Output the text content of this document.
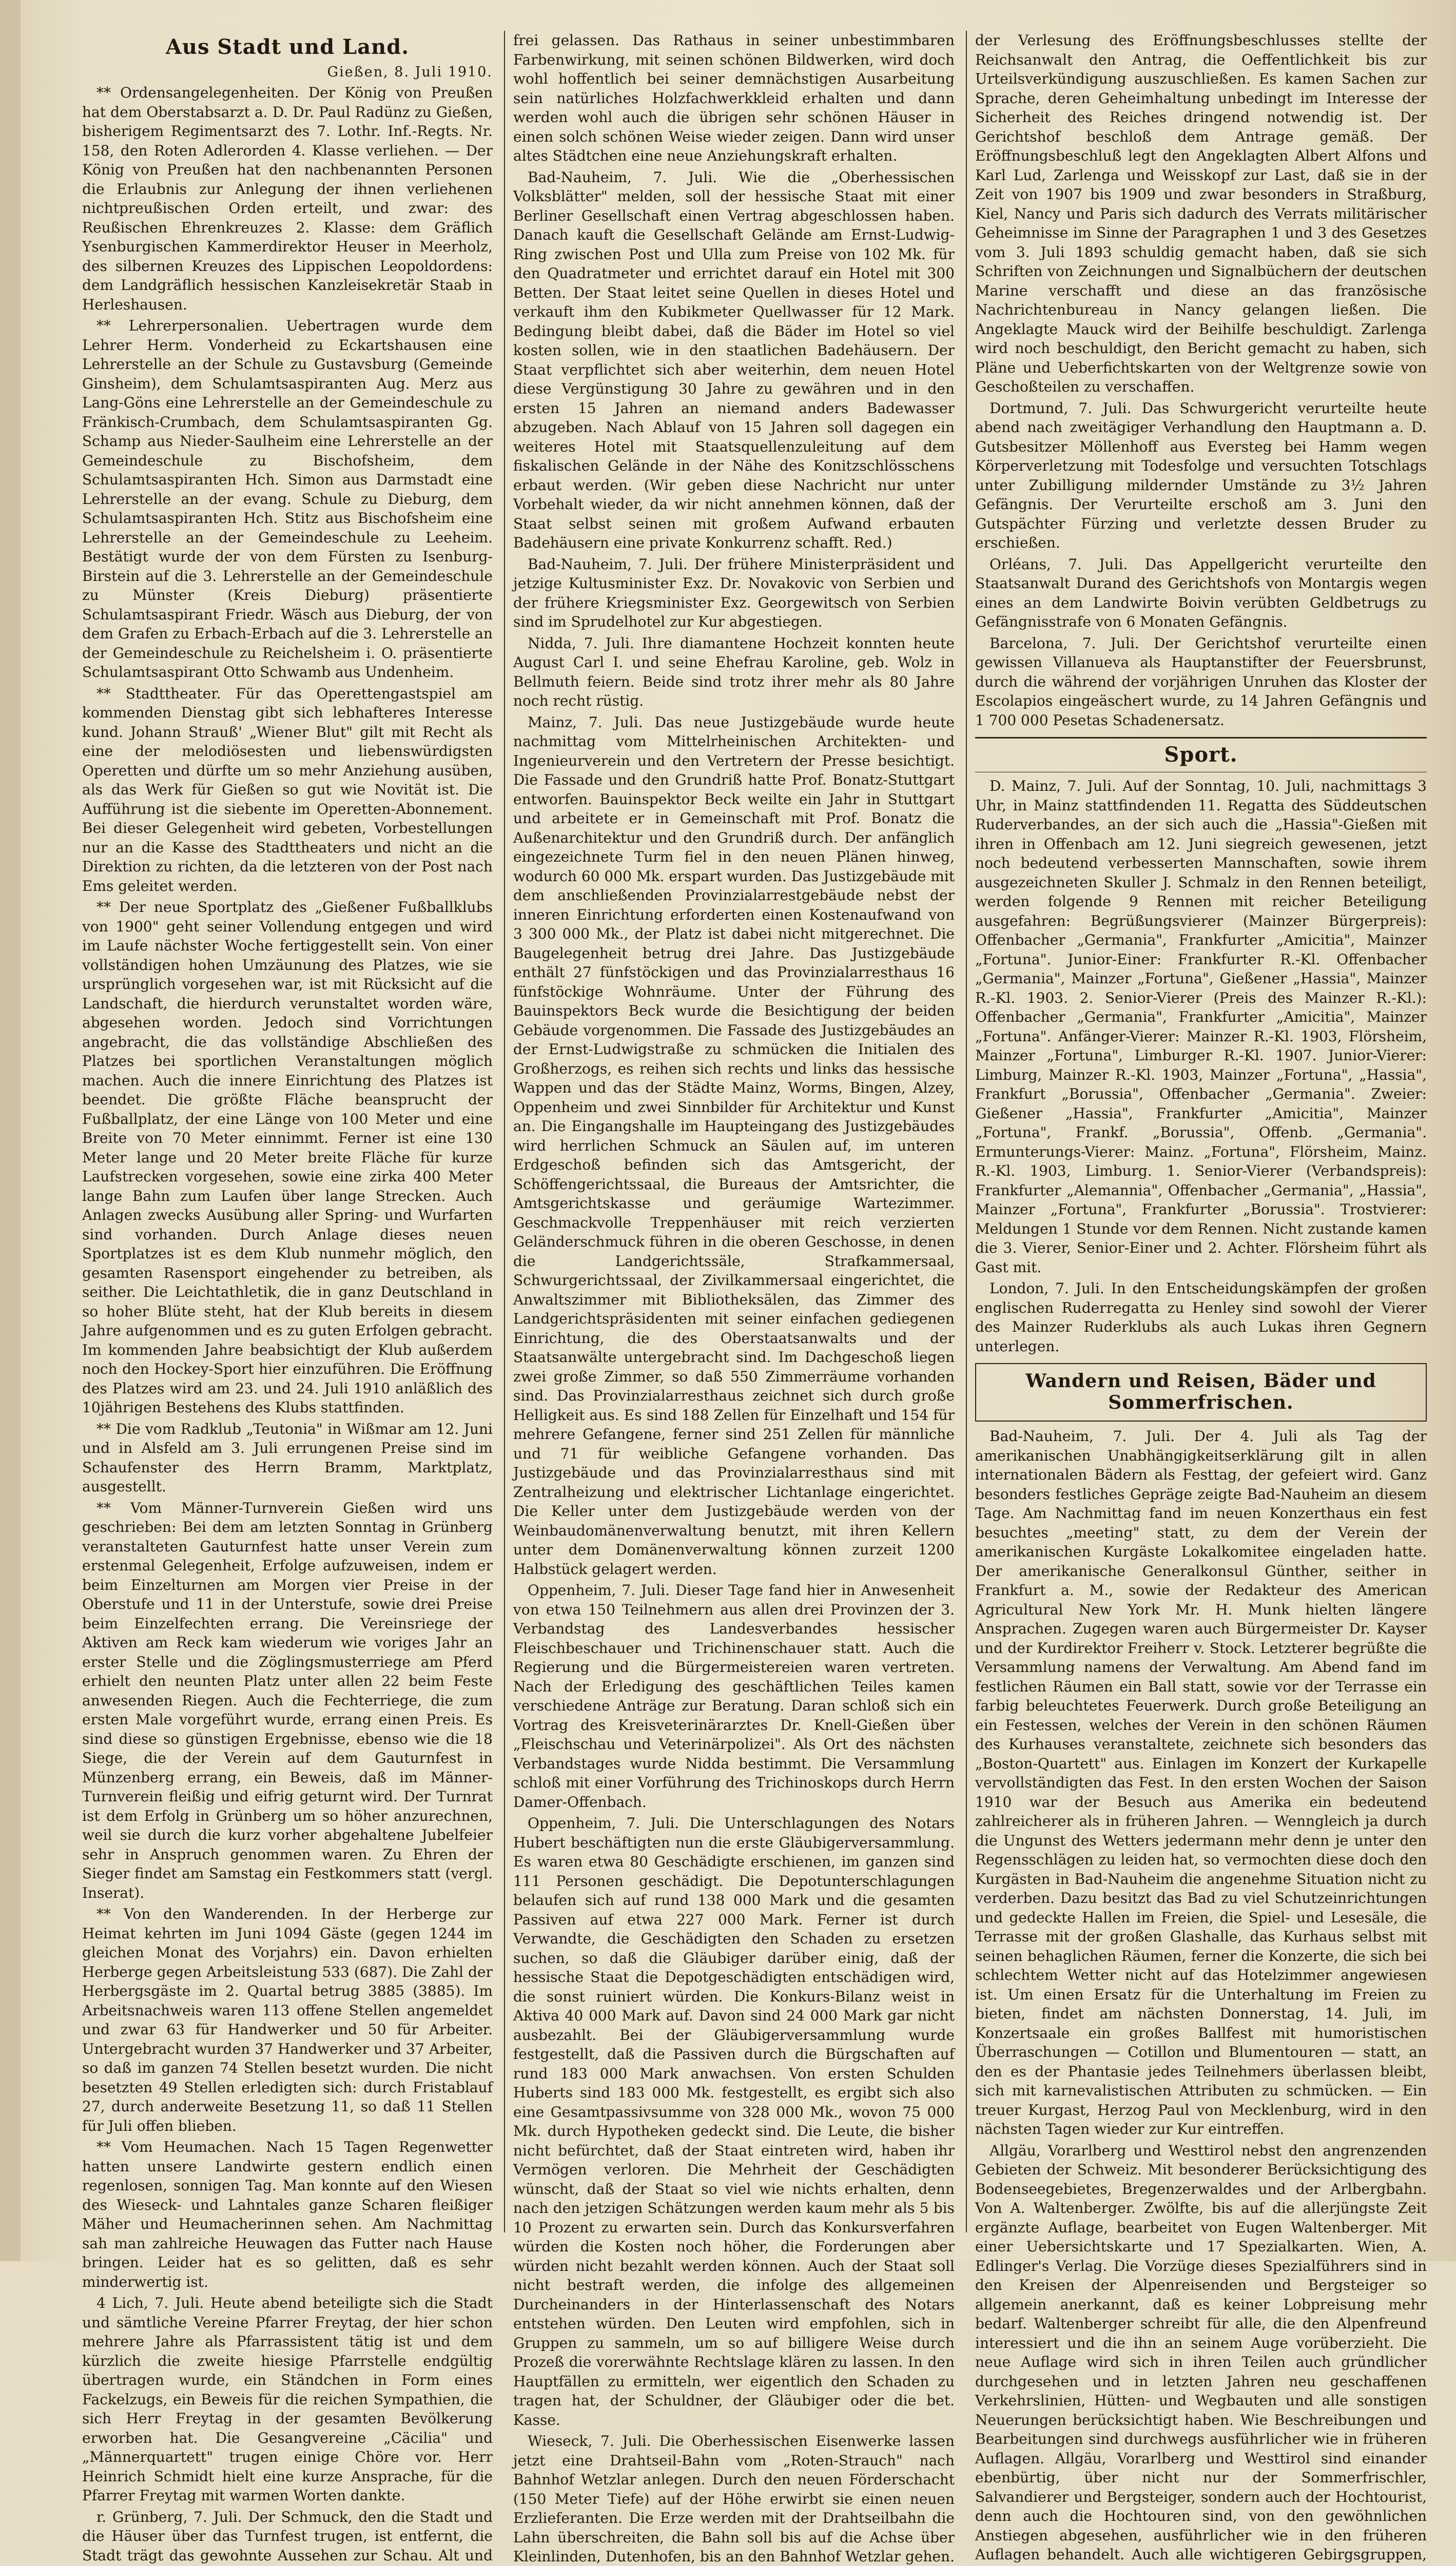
Aus Stadt und Land.
Gießen, 8. Juli 1910.

** Ordensangelegenheiten. Der König von Preußen hat dem Oberstabsarzt a. D. Dr. Paul Radünz zu Gießen, bisherigem Regimentsarzt des 7. Lothr. Inf.-Regts. Nr. 158, den Roten Adlerorden 4. Klasse verliehen. — Der König von Preußen hat den nachbenannten Personen die Erlaubnis zur Anlegung der ihnen verliehenen nichtpreußischen Orden erteilt, und zwar: des Reußischen Ehrenkreuzes 2. Klasse: dem Gräflich Ysenburgischen Kammerdirektor Heuser in Meerholz, des silbernen Kreuzes des Lippischen Leopoldordens: dem Landgräflich hessischen Kanzleisekretär Staab in Herleshausen.

** Lehrerpersonalien. Uebertragen wurde dem Lehrer Herm. Vonderheid zu Eckartshausen eine Lehrerstelle an der Schule zu Gustavsburg (Gemeinde Ginsheim), dem Schulamtsaspiranten Aug. Merz aus Lang-Göns eine Lehrerstelle an der Gemeindeschule zu Fränkisch-Crumbach, dem Schulamtsaspiranten Gg. Schamp aus Nieder-Saulheim eine Lehrerstelle an der Gemeindeschule zu Bischofsheim, dem Schulamtsaspiranten Hch. Simon aus Darmstadt eine Lehrerstelle an der evang. Schule zu Dieburg, dem Schulamtsaspiranten Hch. Stitz aus Bischofsheim eine Lehrerstelle an der Gemeindeschule zu Leeheim. Bestätigt wurde der von dem Fürsten zu Isenburg-Birstein auf die 3. Lehrerstelle an der Gemeindeschule zu Münster (Kreis Dieburg) präsentierte Schulamtsaspirant Friedr. Wäsch aus Dieburg, der von dem Grafen zu Erbach-Erbach auf die 3. Lehrerstelle an der Gemeindeschule zu Reichelsheim i. O. präsentierte Schulamtsaspirant Otto Schwamb aus Undenheim.

** Stadttheater. Für das Operettengastspiel am kommenden Dienstag gibt sich lebhafteres Interesse kund. Johann Strauß' „Wiener Blut" gilt mit Recht als eine der melodiösesten und liebenswürdigsten Operetten und dürfte um so mehr Anziehung ausüben, als das Werk für Gießen so gut wie Novität ist. Die Aufführung ist die siebente im Operetten-Abonnement. Bei dieser Gelegenheit wird gebeten, Vorbestellungen nur an die Kasse des Stadttheaters und nicht an die Direktion zu richten, da die letzteren von der Post nach Ems geleitet werden.

** Der neue Sportplatz des „Gießener Fußballklubs von 1900" geht seiner Vollendung entgegen und wird im Laufe nächster Woche fertiggestellt sein. Von einer vollständigen hohen Umzäunung des Platzes, wie sie ursprünglich vorgesehen war, ist mit Rücksicht auf die Landschaft, die hierdurch verunstaltet worden wäre, abgesehen worden. Jedoch sind Vorrichtungen angebracht, die das vollständige Abschließen des Platzes bei sportlichen Veranstaltungen möglich machen. Auch die innere Einrichtung des Platzes ist beendet. Die größte Fläche beansprucht der Fußballplatz, der eine Länge von 100 Meter und eine Breite von 70 Meter einnimmt. Ferner ist eine 130 Meter lange und 20 Meter breite Fläche für kurze Laufstrecken vorgesehen, sowie eine zirka 400 Meter lange Bahn zum Laufen über lange Strecken. Auch Anlagen zwecks Ausübung aller Spring- und Wurfarten sind vorhanden. Durch Anlage dieses neuen Sportplatzes ist es dem Klub nunmehr möglich, den gesamten Rasensport eingehender zu betreiben, als seither. Die Leichtathletik, die in ganz Deutschland in so hoher Blüte steht, hat der Klub bereits in diesem Jahre aufgenommen und es zu guten Erfolgen gebracht. Im kommenden Jahre beabsichtigt der Klub außerdem noch den Hockey-Sport hier einzuführen. Die Eröffnung des Platzes wird am 23. und 24. Juli 1910 anläßlich des 10jährigen Bestehens des Klubs stattfinden.

** Die vom Radklub „Teutonia" in Wißmar am 12. Juni und in Alsfeld am 3. Juli errungenen Preise sind im Schaufenster des Herrn Bramm, Marktplatz, ausgestellt.

** Vom Männer-Turnverein Gießen wird uns geschrieben: Bei dem am letzten Sonntag in Grünberg veranstalteten Gauturnfest hatte unser Verein zum erstenmal Gelegenheit, Erfolge aufzuweisen, indem er beim Einzelturnen am Morgen vier Preise in der Oberstufe und 11 in der Unterstufe, sowie drei Preise beim Einzelfechten errang. Die Vereinsriege der Aktiven am Reck kam wiederum wie voriges Jahr an erster Stelle und die Zöglingsmusterriege am Pferd erhielt den neunten Platz unter allen 22 beim Feste anwesenden Riegen. Auch die Fechterriege, die zum ersten Male vorgeführt wurde, errang einen Preis. Es sind diese so günstigen Ergebnisse, ebenso wie die 18 Siege, die der Verein auf dem Gauturnfest in Münzenberg errang, ein Beweis, daß im Männer-Turnverein fleißig und eifrig geturnt wird. Der Turnrat ist dem Erfolg in Grünberg um so höher anzurechnen, weil sie durch die kurz vorher abgehaltene Jubelfeier sehr in Anspruch genommen waren. Zu Ehren der Sieger findet am Samstag ein Festkommers statt (vergl. Inserat).

** Von den Wanderenden. In der Herberge zur Heimat kehrten im Juni 1094 Gäste (gegen 1244 im gleichen Monat des Vorjahrs) ein. Davon erhielten Herberge gegen Arbeitsleistung 533 (687). Die Zahl der Herbergsgäste im 2. Quartal betrug 3885 (3885). Im Arbeitsnachweis waren 113 offene Stellen angemeldet und zwar 63 für Handwerker und 50 für Arbeiter. Untergebracht wurden 37 Handwerker und 37 Arbeiter, so daß im ganzen 74 Stellen besetzt wurden. Die nicht besetzten 49 Stellen erledigten sich: durch Fristablauf 27, durch anderweite Besetzung 11, so daß 11 Stellen für Juli offen blieben.

** Vom Heumachen. Nach 15 Tagen Regenwetter hatten unsere Landwirte gestern endlich einen regenlosen, sonnigen Tag. Man konnte auf den Wiesen des Wieseck- und Lahntales ganze Scharen fleißiger Mäher und Heumacherinnen sehen. Am Nachmittag sah man zahlreiche Heuwagen das Futter nach Hause bringen. Leider hat es so gelitten, daß es sehr minderwertig ist.

4 Lich, 7. Juli. Heute abend beteiligte sich die Stadt und sämtliche Vereine Pfarrer Freytag, der hier schon mehrere Jahre als Pfarrassistent tätig ist und dem kürzlich die zweite hiesige Pfarrstelle endgültig übertragen wurde, ein Ständchen in Form eines Fackelzugs, ein Beweis für die reichen Sympathien, die sich Herr Freytag in der gesamten Bevölkerung erworben hat. Die Gesangvereine „Cäcilia" und „Männerquartett" trugen einige Chöre vor. Herr Heinrich Schmidt hielt eine kurze Ansprache, für die Pfarrer Freytag mit warmen Worten dankte.

r. Grünberg, 7. Juli. Der Schmuck, den die Stadt und die Häuser über das Turnfest trugen, ist entfernt, die Stadt trägt das gewohnte Aussehen zur Schau. Alt und

frei gelassen. Das Rathaus in seiner unbestimmbaren Farbenwirkung, mit seinen schönen Bildwerken, wird doch wohl hoffentlich bei seiner demnächstigen Ausarbeitung sein natürliches Holzfachwerkkleid erhalten und dann werden wohl auch die übrigen sehr schönen Häuser in einen solch schönen Weise wieder zeigen. Dann wird unser altes Städtchen eine neue Anziehungskraft erhalten.

Bad-Nauheim, 7. Juli. Wie die „Oberhessischen Volksblätter" melden, soll der hessische Staat mit einer Berliner Gesellschaft einen Vertrag abgeschlossen haben. Danach kauft die Gesellschaft Gelände am Ernst-Ludwig-Ring zwischen Post und Ulla zum Preise von 102 Mk. für den Quadratmeter und errichtet darauf ein Hotel mit 300 Betten. Der Staat leitet seine Quellen in dieses Hotel und verkauft ihm den Kubikmeter Quellwasser für 12 Mark. Bedingung bleibt dabei, daß die Bäder im Hotel so viel kosten sollen, wie in den staatlichen Badehäusern. Der Staat verpflichtet sich aber weiterhin, dem neuen Hotel diese Vergünstigung 30 Jahre zu gewähren und in den ersten 15 Jahren an niemand anders Badewasser abzugeben. Nach Ablauf von 15 Jahren soll dagegen ein weiteres Hotel mit Staatsquellenzuleitung auf dem fiskalischen Gelände in der Nähe des Konitzschlösschens erbaut werden. (Wir geben diese Nachricht nur unter Vorbehalt wieder, da wir nicht annehmen können, daß der Staat selbst seinen mit großem Aufwand erbauten Badehäusern eine private Konkurrenz schafft. Red.)

Bad-Nauheim, 7. Juli. Der frühere Ministerpräsident und jetzige Kultusminister Exz. Dr. Novakovic von Serbien und der frühere Kriegsminister Exz. Georgewitsch von Serbien sind im Sprudelhotel zur Kur abgestiegen.

Nidda, 7. Juli. Ihre diamantene Hochzeit konnten heute August Carl I. und seine Ehefrau Karoline, geb. Wolz in Bellmuth feiern. Beide sind trotz ihrer mehr als 80 Jahre noch recht rüstig.

Mainz, 7. Juli. Das neue Justizgebäude wurde heute nachmittag vom Mittelrheinischen Architekten- und Ingenieurverein und den Vertretern der Presse besichtigt. Die Fassade und den Grundriß hatte Prof. Bonatz-Stuttgart entworfen. Bauinspektor Beck weilte ein Jahr in Stuttgart und arbeitete er in Gemeinschaft mit Prof. Bonatz die Außenarchitektur und den Grundriß durch. Der anfänglich eingezeichnete Turm fiel in den neuen Plänen hinweg, wodurch 60 000 Mk. erspart wurden. Das Justizgebäude mit dem anschließenden Provinzialarrestgebäude nebst der inneren Einrichtung erforderten einen Kostenaufwand von 3 300 000 Mk., der Platz ist dabei nicht mitgerechnet. Die Baugelegenheit betrug drei Jahre. Das Justizgebäude enthält 27 fünfstöckigen und das Provinzialarresthaus 16 fünfstöckige Wohnräume. Unter der Führung des Bauinspektors Beck wurde die Besichtigung der beiden Gebäude vorgenommen. Die Fassade des Justizgebäudes an der Ernst-Ludwigstraße zu schmücken die Initialen des Großherzogs, es reihen sich rechts und links das hessische Wappen und das der Städte Mainz, Worms, Bingen, Alzey, Oppenheim und zwei Sinnbilder für Architektur und Kunst an. Die Eingangshalle im Haupteingang des Justizgebäudes wird herrlichen Schmuck an Säulen auf, im unteren Erdgeschoß befinden sich das Amtsgericht, der Schöffengerichtssaal, die Bureaus der Amtsrichter, die Amtsgerichtskasse und geräumige Wartezimmer. Geschmackvolle Treppenhäuser mit reich verzierten Geländerschmuck führen in die oberen Geschosse, in denen die Landgerichtssäle, Strafkammersaal, Schwurgerichtssaal, der Zivilkammersaal eingerichtet, die Anwaltszimmer mit Bibliotheksälen, das Zimmer des Landgerichtspräsidenten mit seiner einfachen gediegenen Einrichtung, die des Oberstaatsanwalts und der Staatsanwälte untergebracht sind. Im Dachgeschoß liegen zwei große Zimmer, so daß 550 Zimmerräume vorhanden sind. Das Provinzialarresthaus zeichnet sich durch große Helligkeit aus. Es sind 188 Zellen für Einzelhaft und 154 für mehrere Gefangene, ferner sind 251 Zellen für männliche und 71 für weibliche Gefangene vorhanden. Das Justizgebäude und das Provinzialarresthaus sind mit Zentralheizung und elektrischer Lichtanlage eingerichtet. Die Keller unter dem Justizgebäude werden von der Weinbaudomänenverwaltung benutzt, mit ihren Kellern unter dem Domänenverwaltung können zurzeit 1200 Halbstück gelagert werden.

Oppenheim, 7. Juli. Dieser Tage fand hier in Anwesenheit von etwa 150 Teilnehmern aus allen drei Provinzen der 3. Verbandstag des Landesverbandes hessischer Fleischbeschauer und Trichinenschauer statt. Auch die Regierung und die Bürgermeistereien waren vertreten. Nach der Erledigung des geschäftlichen Teiles kamen verschiedene Anträge zur Beratung. Daran schloß sich ein Vortrag des Kreisveterinärarztes Dr. Knell-Gießen über „Fleischschau und Veterinärpolizei". Als Ort des nächsten Verbandstages wurde Nidda bestimmt. Die Versammlung schloß mit einer Vorführung des Trichinoskops durch Herrn Damer-Offenbach.

Oppenheim, 7. Juli. Die Unterschlagungen des Notars Hubert beschäftigten nun die erste Gläubigerversammlung. Es waren etwa 80 Geschädigte erschienen, im ganzen sind 111 Personen geschädigt. Die Depotunterschlagungen belaufen sich auf rund 138 000 Mark und die gesamten Passiven auf etwa 227 000 Mark. Ferner ist durch Verwandte, die Geschädigten den Schaden zu ersetzen suchen, so daß die Gläubiger darüber einig, daß der hessische Staat die Depotgeschädigten entschädigen wird, die sonst ruiniert würden. Die Konkurs-Bilanz weist in Aktiva 40 000 Mark auf. Davon sind 24 000 Mark gar nicht ausbezahlt. Bei der Gläubigerversammlung wurde festgestellt, daß die Passiven durch die Bürgschaften auf rund 183 000 Mark anwachsen. Von ersten Schulden Huberts sind 183 000 Mk. festgestellt, es ergibt sich also eine Gesamtpassivsumme von 328 000 Mk., wovon 75 000 Mk. durch Hypotheken gedeckt sind. Die Leute, die bisher nicht befürchtet, daß der Staat eintreten wird, haben ihr Vermögen verloren. Die Mehrheit der Geschädigten wünscht, daß der Staat so viel wie nichts erhalten, denn nach den jetzigen Schätzungen werden kaum mehr als 5 bis 10 Prozent zu erwarten sein. Durch das Konkursverfahren würden die Kosten noch höher, die Forderungen aber würden nicht bezahlt werden können. Auch der Staat soll nicht bestraft werden, die infolge des allgemeinen Durcheinanders in der Hinterlassenschaft des Notars entstehen würden. Den Leuten wird empfohlen, sich in Gruppen zu sammeln, um so auf billigere Weise durch Prozeß die vorerwähnte Rechtslage klären zu lassen. In den Hauptfällen zu ermitteln, wer eigentlich den Schaden zu tragen hat, der Schuldner, der Gläubiger oder die bet. Kasse.

Wieseck, 7. Juli. Die Oberhessischen Eisenwerke lassen jetzt eine Drahtseil-Bahn vom „Roten-Strauch" nach Bahnhof Wetzlar anlegen. Durch den neuen Förderschacht (150 Meter Tiefe) auf der Höhe erwirbt sie einen neuen Erzlieferanten. Die Erze werden mit der Drahtseilbahn die Lahn überschreiten, die Bahn soll bis auf die Achse über Kleinlinden, Dutenhofen, bis an den Bahnhof Wetzlar gehen.

der Verlesung des Eröffnungsbeschlusses stellte der Reichsanwalt den Antrag, die Oeffentlichkeit bis zur Urteilsverkündigung auszuschließen. Es kamen Sachen zur Sprache, deren Geheimhaltung unbedingt im Interesse der Sicherheit des Reiches dringend notwendig ist. Der Gerichtshof beschloß dem Antrage gemäß. Der Eröffnungsbeschluß legt den Angeklagten Albert Alfons und Karl Lud, Zarlenga und Weisskopf zur Last, daß sie in der Zeit von 1907 bis 1909 und zwar besonders in Straßburg, Kiel, Nancy und Paris sich dadurch des Verrats militärischer Geheimnisse im Sinne der Paragraphen 1 und 3 des Gesetzes vom 3. Juli 1893 schuldig gemacht haben, daß sie sich Schriften von Zeichnungen und Signalbüchern der deutschen Marine verschafft und diese an das französische Nachrichtenbureau in Nancy gelangen ließen. Die Angeklagte Mauck wird der Beihilfe beschuldigt. Zarlenga wird noch beschuldigt, den Bericht gemacht zu haben, sich Pläne und Ueberfichtskarten von der Weltgrenze sowie von Geschoßteilen zu verschaffen.

Dortmund, 7. Juli. Das Schwurgericht verurteilte heute abend nach zweitägiger Verhandlung den Hauptmann a. D. Gutsbesitzer Möllenhoff aus Eversteg bei Hamm wegen Körperverletzung mit Todesfolge und versuchten Totschlags unter Zubilligung mildernder Umstände zu 3½ Jahren Gefängnis. Der Verurteilte erschoß am 3. Juni den Gutspächter Fürzing und verletzte dessen Bruder zu erschießen.

Orléans, 7. Juli. Das Appellgericht verurteilte den Staatsanwalt Durand des Gerichtshofs von Montargis wegen eines an dem Landwirte Boivin verübten Geldbetrugs zu Gefängnisstrafe von 6 Monaten Gefängnis.

Barcelona, 7. Juli. Der Gerichtshof verurteilte einen gewissen Villanueva als Hauptanstifter der Feuersbrunst, durch die während der vorjährigen Unruhen das Kloster der Escolapios eingeäschert wurde, zu 14 Jahren Gefängnis und 1 700 000 Pesetas Schadenersatz.

Sport.

D. Mainz, 7. Juli. Auf der Sonntag, 10. Juli, nachmittags 3 Uhr, in Mainz stattfindenden 11. Regatta des Süddeutschen Ruderverbandes, an der sich auch die „Hassia"-Gießen mit ihren in Offenbach am 12. Juni siegreich gewesenen, jetzt noch bedeutend verbesserten Mannschaften, sowie ihrem ausgezeichneten Skuller J. Schmalz in den Rennen beteiligt, werden folgende 9 Rennen mit reicher Beteiligung ausgefahren: Begrüßungsvierer (Mainzer Bürgerpreis): Offenbacher „Germania", Frankfurter „Amicitia", Mainzer „Fortuna". Junior-Einer: Frankfurter R.-Kl. Offenbacher „Germania", Mainzer „Fortuna", Gießener „Hassia", Mainzer R.-Kl. 1903. 2. Senior-Vierer (Preis des Mainzer R.-Kl.): Offenbacher „Germania", Frankfurter „Amicitia", Mainzer „Fortuna". Anfänger-Vierer: Mainzer R.-Kl. 1903, Flörsheim, Mainzer „Fortuna", Limburger R.-Kl. 1907. Junior-Vierer: Limburg, Mainzer R.-Kl. 1903, Mainzer „Fortuna", „Hassia", Frankfurt „Borussia", Offenbacher „Germania". Zweier: Gießener „Hassia", Frankfurter „Amicitia", Mainzer „Fortuna", Frankf. „Borussia", Offenb. „Germania". Ermunterungs-Vierer: Mainz. „Fortuna", Flörsheim, Mainz. R.-Kl. 1903, Limburg. 1. Senior-Vierer (Verbandspreis): Frankfurter „Alemannia", Offenbacher „Germania", „Hassia", Mainzer „Fortuna", Frankfurter „Borussia". Trostvierer: Meldungen 1 Stunde vor dem Rennen. Nicht zustande kamen die 3. Vierer, Senior-Einer und 2. Achter. Flörsheim führt als Gast mit.

London, 7. Juli. In den Entscheidungskämpfen der großen englischen Ruderregatta zu Henley sind sowohl der Vierer des Mainzer Ruderklubs als auch Lukas ihren Gegnern unterlegen.

Wandern und Reisen, Bäder und Sommerfrischen.

Bad-Nauheim, 7. Juli. Der 4. Juli als Tag der amerikanischen Unabhängigkeitserklärung gilt in allen internationalen Bädern als Festtag, der gefeiert wird. Ganz besonders festliches Gepräge zeigte Bad-Nauheim an diesem Tage. Am Nachmittag fand im neuen Konzerthaus ein fest besuchtes „meeting" statt, zu dem der Verein der amerikanischen Kurgäste Lokalkomitee eingeladen hatte. Der amerikanische Generalkonsul Günther, seither in Frankfurt a. M., sowie der Redakteur des American Agricultural New York Mr. H. Munk hielten längere Ansprachen. Zugegen waren auch Bürgermeister Dr. Kayser und der Kurdirektor Freiherr v. Stock. Letzterer begrüßte die Versammlung namens der Verwaltung. Am Abend fand im festlichen Räumen ein Ball statt, sowie vor der Terrasse ein farbig beleuchtetes Feuerwerk. Durch große Beteiligung an ein Festessen, welches der Verein in den schönen Räumen des Kurhauses veranstaltete, zeichnete sich besonders das „Boston-Quartett" aus. Einlagen im Konzert der Kurkapelle vervollständigten das Fest. In den ersten Wochen der Saison 1910 war der Besuch aus Amerika ein bedeutend zahlreicherer als in früheren Jahren. — Wenngleich ja durch die Ungunst des Wetters jedermann mehr denn je unter den Regensschlägen zu leiden hat, so vermochten diese doch den Kurgästen in Bad-Nauheim die angenehme Situation nicht zu verderben. Dazu besitzt das Bad zu viel Schutzeinrichtungen und gedeckte Hallen im Freien, die Spiel- und Lesesäle, die Terrasse mit der großen Glashalle, das Kurhaus selbst mit seinen behaglichen Räumen, ferner die Konzerte, die sich bei schlechtem Wetter nicht auf das Hotelzimmer angewiesen ist. Um einen Ersatz für die Unterhaltung im Freien zu bieten, findet am nächsten Donnerstag, 14. Juli, im Konzertsaale ein großes Ballfest mit humoristischen Überraschungen — Cotillon und Blumentouren — statt, an den es der Phantasie jedes Teilnehmers überlassen bleibt, sich mit karnevalistischen Attributen zu schmücken. — Ein treuer Kurgast, Herzog Paul von Mecklenburg, wird in den nächsten Tagen wieder zur Kur eintreffen.

Allgäu, Vorarlberg und Westtirol nebst den angrenzenden Gebieten der Schweiz. Mit besonderer Berücksichtigung des Bodenseegebietes, Bregenzerwaldes und der Arlbergbahn. Von A. Waltenberger. Zwölfte, bis auf die allerjüngste Zeit ergänzte Auflage, bearbeitet von Eugen Waltenberger. Mit einer Uebersichtskarte und 17 Spezialkarten. Wien, A. Edlinger's Verlag. Die Vorzüge dieses Spezialführers sind in den Kreisen der Alpenreisenden und Bergsteiger so allgemein anerkannt, daß es keiner Lobpreisung mehr bedarf. Waltenberger schreibt für alle, die den Alpenfreund interessiert und die ihn an seinem Auge vorüberzieht. Die neue Auflage wird sich in ihren Teilen auch gründlicher durchgesehen und in letzten Jahren neu geschaffenen Verkehrslinien, Hütten- und Wegbauten und alle sonstigen Neuerungen berücksichtigt haben. Wie Beschreibungen und Bearbeitungen sind durchwegs ausführlicher wie in früheren Auflagen. Allgäu, Vorarlberg und Westtirol sind einander ebenbürtig, über nicht nur der Sommerfrischler, Salvandierer und Bergsteiger, sondern auch der Hochtourist, denn auch die Hochtouren sind, von den gewöhnlichen Anstiegen abgesehen, ausführlicher wie in den früheren Auflagen behandelt. Auch alle wichtigeren Gebirgsgruppen,
